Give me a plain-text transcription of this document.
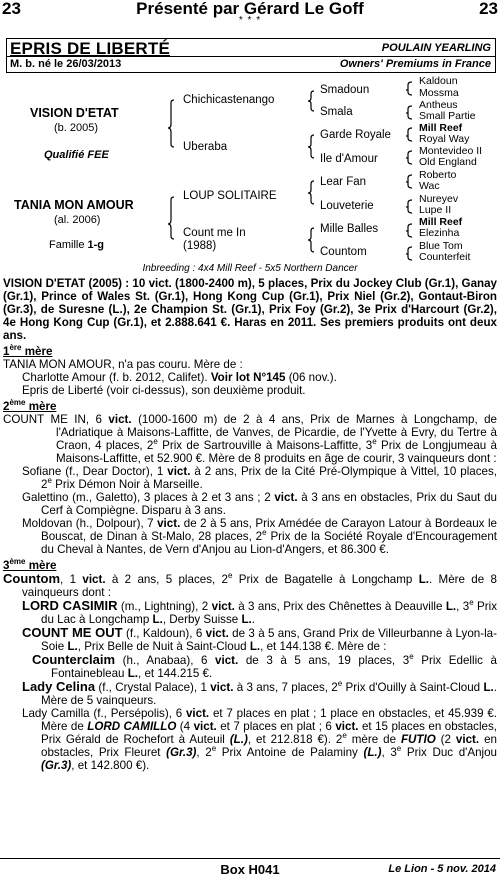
23	Présenté par Gérard Le Goff	23
* * *
EPRIS DE LIBERTÉ	POULAIN YEARLING
M. b. né le 26/03/2013	Owners' Premiums in France
VISION D'ETAT
(b. 2005)
Qualifié FEE
TANIA MON AMOUR
(al. 2006)
Famille 1-g
Chichicastenango
Uberaba
LOUP SOLITAIRE
Count me In
(1988)
Smadoun
Smala
Garde Royale
Ile d'Amour
Lear Fan
Louveterie
Mille Balles
Countom
Kaldoun
Mossma
Antheus
Small Partie
Mill Reef
Royal Way
Montevideo II
Old England
Roberto
Wac
Nureyev
Lupe II
Mill Reef
Elezinha
Blue Tom
Counterfeit
Inbreeding : 4x4 Mill Reef - 5x5 Northern Dancer

VISION D'ETAT (2005) : 10 vict. (1800-2400 m), 5 places, Prix du Jockey Club (Gr.1), Ganay (Gr.1), Prince of Wales St. (Gr.1), Hong Kong Cup (Gr.1), Prix Niel (Gr.2), Gontaut-Biron (Gr.3), de Suresne (L.), 2e Champion St. (Gr.1), Prix Foy (Gr.2), 3e Prix d'Harcourt (Gr.2), 4e Hong Kong Cup (Gr.1), et 2.888.641 €. Haras en 2011. Ses premiers produits ont deux ans.

1ère mère

TANIA MON AMOUR, n'a pas couru. Mère de :

Charlotte Amour (f. b. 2012, Califet). Voir lot N°145 (06 nov.).

Epris de Liberté (voir ci-dessus), son deuxième produit.

2ème mère

COUNT ME IN, 6 vict. (1000-1600 m) de 2 à 4 ans, Prix de Marnes à Longchamp, de l'Adriatique à Maisons-Laffitte, de Vanves, de Picardie, de l'Yvette à Evry, du Tertre à Craon, 4 places, 2e Prix de Sartrouville à Maisons-Laffitte, 3e Prix de Longjumeau à Maisons-Laffitte, et 52.900 €. Mère de 8 produits en âge de courir, 3 vainqueurs dont :

Sofiane (f., Dear Doctor), 1 vict. à 2 ans, Prix de la Cité Pré-Olympique à Vittel, 10 places, 2e Prix Démon Noir à Marseille.

Galettino (m., Galetto), 3 places à 2 et 3 ans ; 2 vict. à 3 ans en obstacles, Prix du Saut du Cerf à Compiègne. Disparu à 3 ans.

Moldovan (h., Dolpour), 7 vict. de 2 à 5 ans, Prix Amédée de Carayon Latour à Bordeaux le Bouscat, de Dinan à St-Malo, 28 places, 2e Prix de la Société Royale d'Encouragement du Cheval à Nantes, de Vern d'Anjou au Lion-d'Angers, et 86.300 €.

3ème mère

Countom, 1 vict. à 2 ans, 5 places, 2e Prix de Bagatelle à Longchamp L.. Mère de 8 vainqueurs dont :

LORD CASIMIR (m., Lightning), 2 vict. à 3 ans, Prix des Chênettes à Deauville L., 3e Prix du Lac à Longchamp L., Derby Suisse L..

COUNT ME OUT (f., Kaldoun), 6 vict. de 3 à 5 ans, Grand Prix de Villeurbanne à Lyon-la-Soie L., Prix Belle de Nuit à Saint-Cloud L., et 144.138 €. Mère de :

Counterclaim (h., Anabaa), 6 vict. de 3 à 5 ans, 19 places, 3e Prix Edellic à Fontainebleau L., et 144.215 €.

Lady Celina (f., Crystal Palace), 1 vict. à 3 ans, 7 places, 2e Prix d'Ouilly à Saint-Cloud L.. Mère de 5 vainqueurs.

Lady Camilla (f., Persépolis), 6 vict. et 7 places en plat ; 1 place en obstacles, et 45.939 €. Mère de LORD CAMILLO (4 vict. et 7 places en plat ; 6 vict. et 15 places en obstacles, Prix Gérald de Rochefort à Auteuil (L.), et 212.818 €). 2e mère de FUTIO (2 vict. en obstacles, Prix Fleuret (Gr.3), 2e Prix Antoine de Palaminy (L.), 3e Prix Duc d'Anjou (Gr.3), et 142.800 €).

Box H041	Le Lion - 5 nov. 2014
